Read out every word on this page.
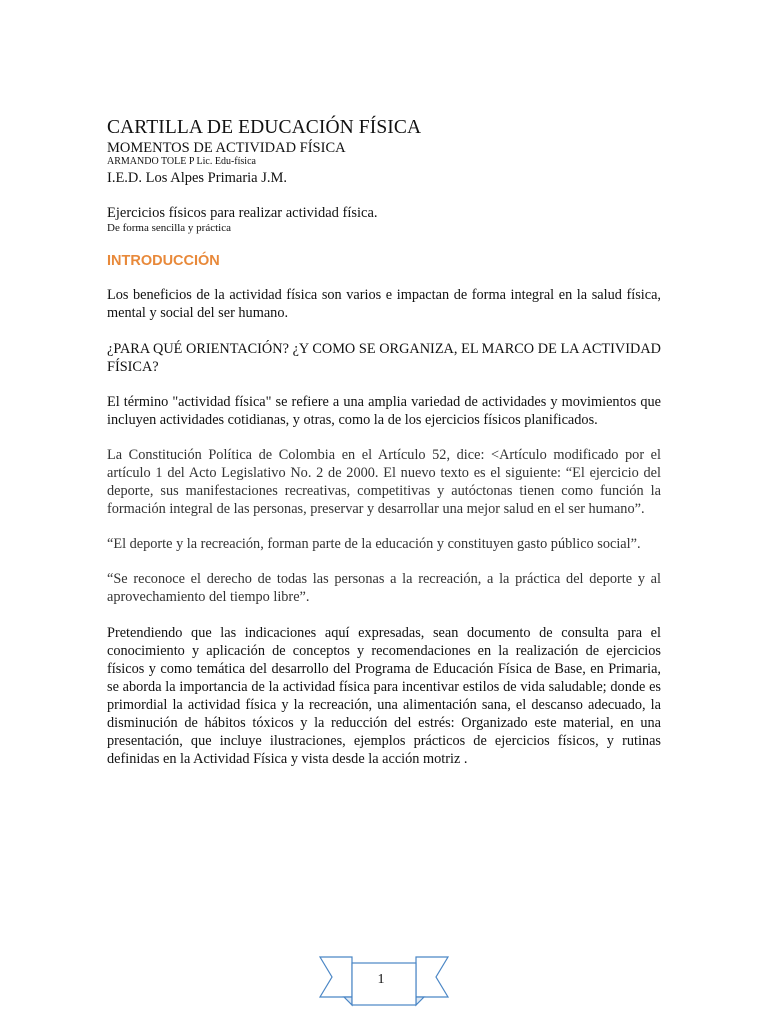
CARTILLA DE EDUCACIÓN FÍSICA

MOMENTOS DE ACTIVIDAD FÍSICA

ARMANDO TOLE P Lic. Edu-física

I.E.D. Los Alpes Primaria J.M.

Ejercicios físicos para realizar actividad física.

De forma sencilla y práctica

INTRODUCCIÓN

Los beneficios de la actividad física son varios e impactan de forma integral en la salud física, mental y social del ser humano.

¿PARA QUÉ ORIENTACIÓN? ¿Y COMO SE ORGANIZA, EL MARCO DE LA ACTIVIDAD FÍSICA?

El término "actividad física" se refiere a una amplia variedad de actividades y movimientos que incluyen actividades cotidianas, y otras, como la de los ejercicios físicos planificados.

La Constitución Política de Colombia en el Artículo 52, dice: <Artículo modificado por el artículo 1 del Acto Legislativo No. 2 de 2000. El nuevo texto es el siguiente: “El ejercicio del deporte, sus manifestaciones recreativas, competitivas y autóctonas tienen como función la formación integral de las personas, preservar y desarrollar una mejor salud en el ser humano”.

“El deporte y la recreación, forman parte de la educación y constituyen gasto público social”.

“Se reconoce el derecho de todas las personas a la recreación, a la práctica del deporte y al aprovechamiento del tiempo libre”.

Pretendiendo que las indicaciones aquí expresadas, sean documento de consulta para el conocimiento y aplicación de conceptos y recomendaciones en la realización de ejercicios físicos y como temática del desarrollo del Programa de Educación Física de Base, en Primaria, se aborda la importancia de la actividad física para incentivar estilos de vida saludable; donde es primordial la actividad física y la recreación, una alimentación sana, el descanso adecuado, la disminución de hábitos tóxicos y la reducción del estrés: Organizado este material, en una presentación, que incluye ilustraciones, ejemplos prácticos de ejercicios físicos, y rutinas definidas en la Actividad Física y vista desde la acción motriz .

1
